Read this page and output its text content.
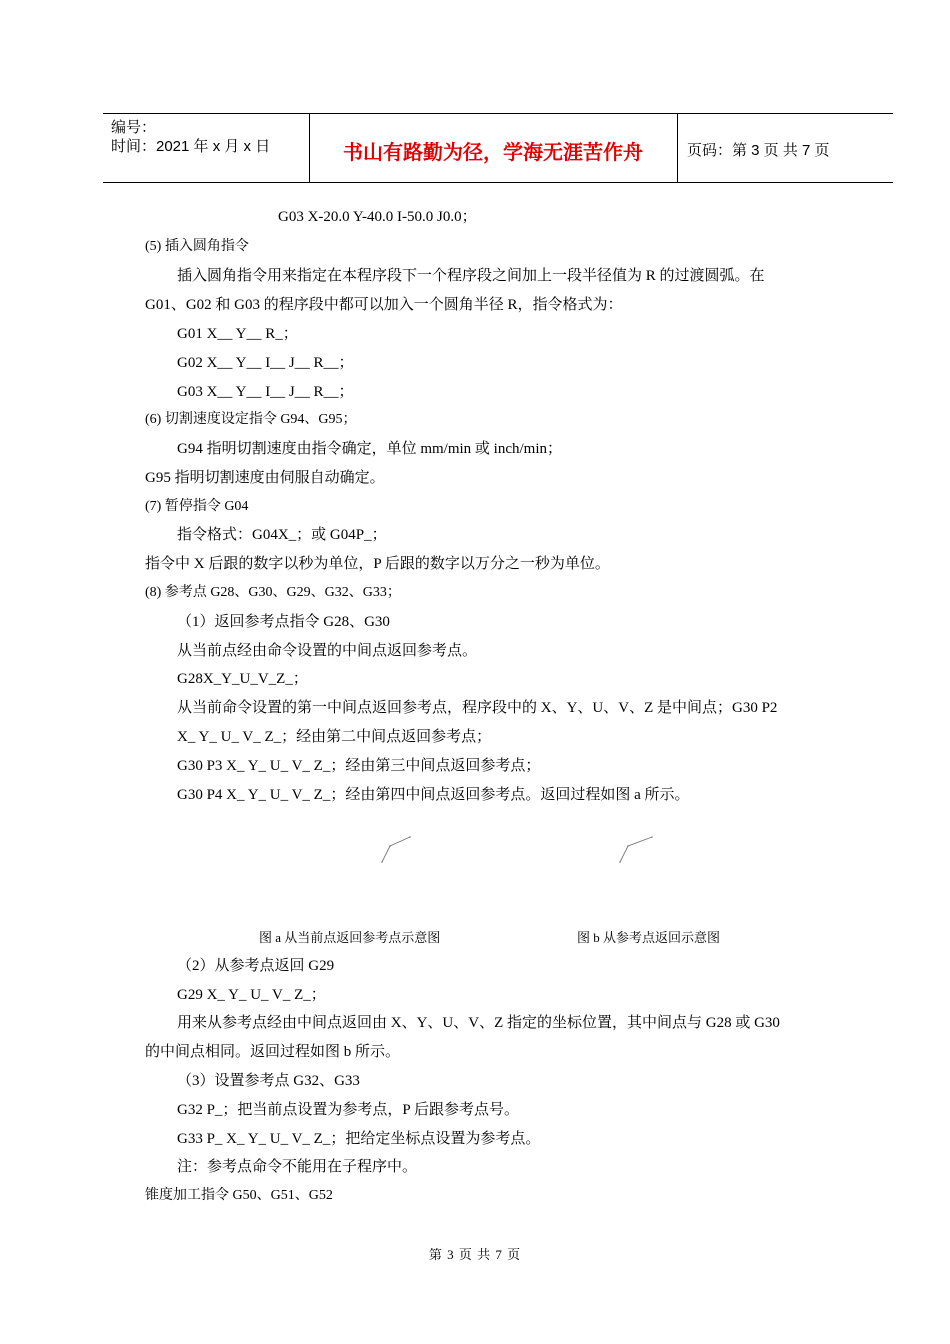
编号：
时间：2021 年 x 月 x 日	书山有路勤为径，学海无涯苦作舟	页码：第 3 页 共 7 页
G03 X-20.0 Y-40.0 I-50.0 J0.0；
(5) 插入圆角指令
插入圆角指令用来指定在本程序段下一个程序段之间加上一段半径值为 R 的过渡圆弧。在
G01、G02 和 G03 的程序段中都可以加入一个圆角半径 R，指令格式为：
G01 X__ Y__ R_；
G02 X__ Y__ I__ J__ R__；
G03 X__ Y__ I__ J__ R__；
(6) 切割速度设定指令 G94、G95；
G94 指明切割速度由指令确定，单位 mm/min 或 inch/min；
G95 指明切割速度由伺服自动确定。
(7) 暂停指令 G04
指令格式：G04X_；或 G04P_；
指令中 X 后跟的数字以秒为单位，P 后跟的数字以万分之一秒为单位。
(8) 参考点 G28、G30、G29、G32、G33；
（1）返回参考点指令 G28、G30
从当前点经由命令设置的中间点返回参考点。
G28X_Y_U_V_Z_；
从当前命令设置的第一中间点返回参考点，程序段中的 X、Y、U、V、Z 是中间点；G30 P2
X_ Y_ U_ V_ Z_；经由第二中间点返回参考点；
G30 P3 X_ Y_ U_ V_ Z_；经由第三中间点返回参考点；
G30 P4 X_ Y_ U_ V_ Z_；经由第四中间点返回参考点。返回过程如图 a 所示。
图 a 从当前点返回参考点示意图	图 b 从参考点返回示意图
（2）从参考点返回 G29
G29 X_ Y_ U_ V_ Z_；
用来从参考点经由中间点返回由 X、Y、U、V、Z 指定的坐标位置，其中间点与 G28 或 G30
的中间点相同。返回过程如图 b 所示。
（3）设置参考点 G32、G33
G32 P_；把当前点设置为参考点，P 后跟参考点号。
G33 P_ X_ Y_ U_ V_ Z_；把给定坐标点设置为参考点。
注：参考点命令不能用在子程序中。
锥度加工指令 G50、G51、G52
第 3 页 共 7 页
